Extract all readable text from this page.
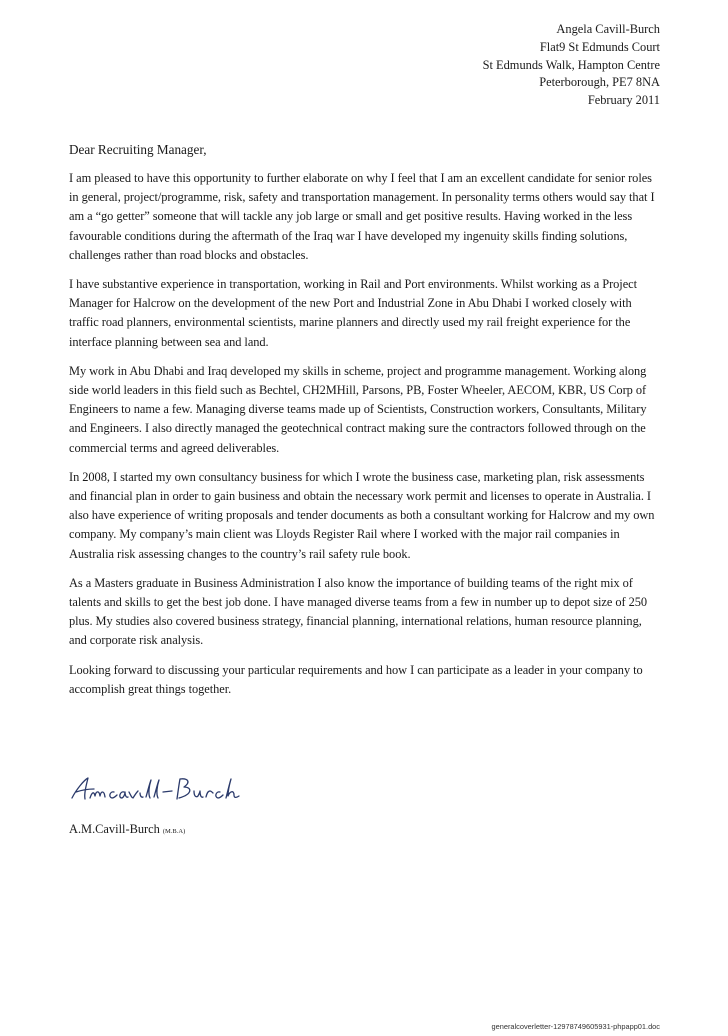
Angela Cavill-Burch
Flat9 St Edmunds Court
St Edmunds Walk, Hampton Centre
Peterborough, PE7 8NA
February 2011

Dear Recruiting Manager,

I am pleased to have this opportunity to further elaborate on why I feel that I am an excellent candidate for senior roles in general, project/programme, risk, safety and transportation management. In personality terms others would say that I am a “go getter” someone that will tackle any job large or small and get positive results. Having worked in the less favourable conditions during the aftermath of the Iraq war I have developed my ingenuity skills finding solutions, challenges rather than road blocks and obstacles.

I have substantive experience in transportation, working in Rail and Port environments. Whilst working as a Project Manager for Halcrow on the development of the new Port and Industrial Zone in Abu Dhabi I worked closely with traffic road planners, environmental scientists, marine planners and directly used my rail freight experience for the interface planning between sea and land.

My work in Abu Dhabi and Iraq developed my skills in scheme, project and programme management. Working along side world leaders in this field such as Bechtel, CH2MHill, Parsons, PB, Foster Wheeler, AECOM, KBR, US Corp of Engineers to name a few. Managing diverse teams made up of Scientists, Construction workers, Consultants, Military and Engineers. I also directly managed the geotechnical contract making sure the contractors followed through on the commercial terms and agreed deliverables.

In 2008, I started my own consultancy business for which I wrote the business case, marketing plan, risk assessments and financial plan in order to gain business and obtain the necessary work permit and licenses to operate in Australia. I also have experience of writing proposals and tender documents as both a consultant working for Halcrow and my own company. My company’s main client was Lloyds Register Rail where I worked with the major rail companies in Australia risk assessing changes to the country’s rail safety rule book.

As a Masters graduate in Business Administration I also know the importance of building teams of the right mix of talents and skills to get the best job done. I have managed diverse teams from a few in number up to depot size of 250 plus. My studies also covered business strategy, financial planning, international relations, human resource planning, and corporate risk analysis.

Looking forward to discussing your particular requirements and how I can participate as a leader in your company to accomplish great things together.

A.M.Cavill-Burch (M.B.A)
generalcoverletter-12978749605931-phpapp01.doc
